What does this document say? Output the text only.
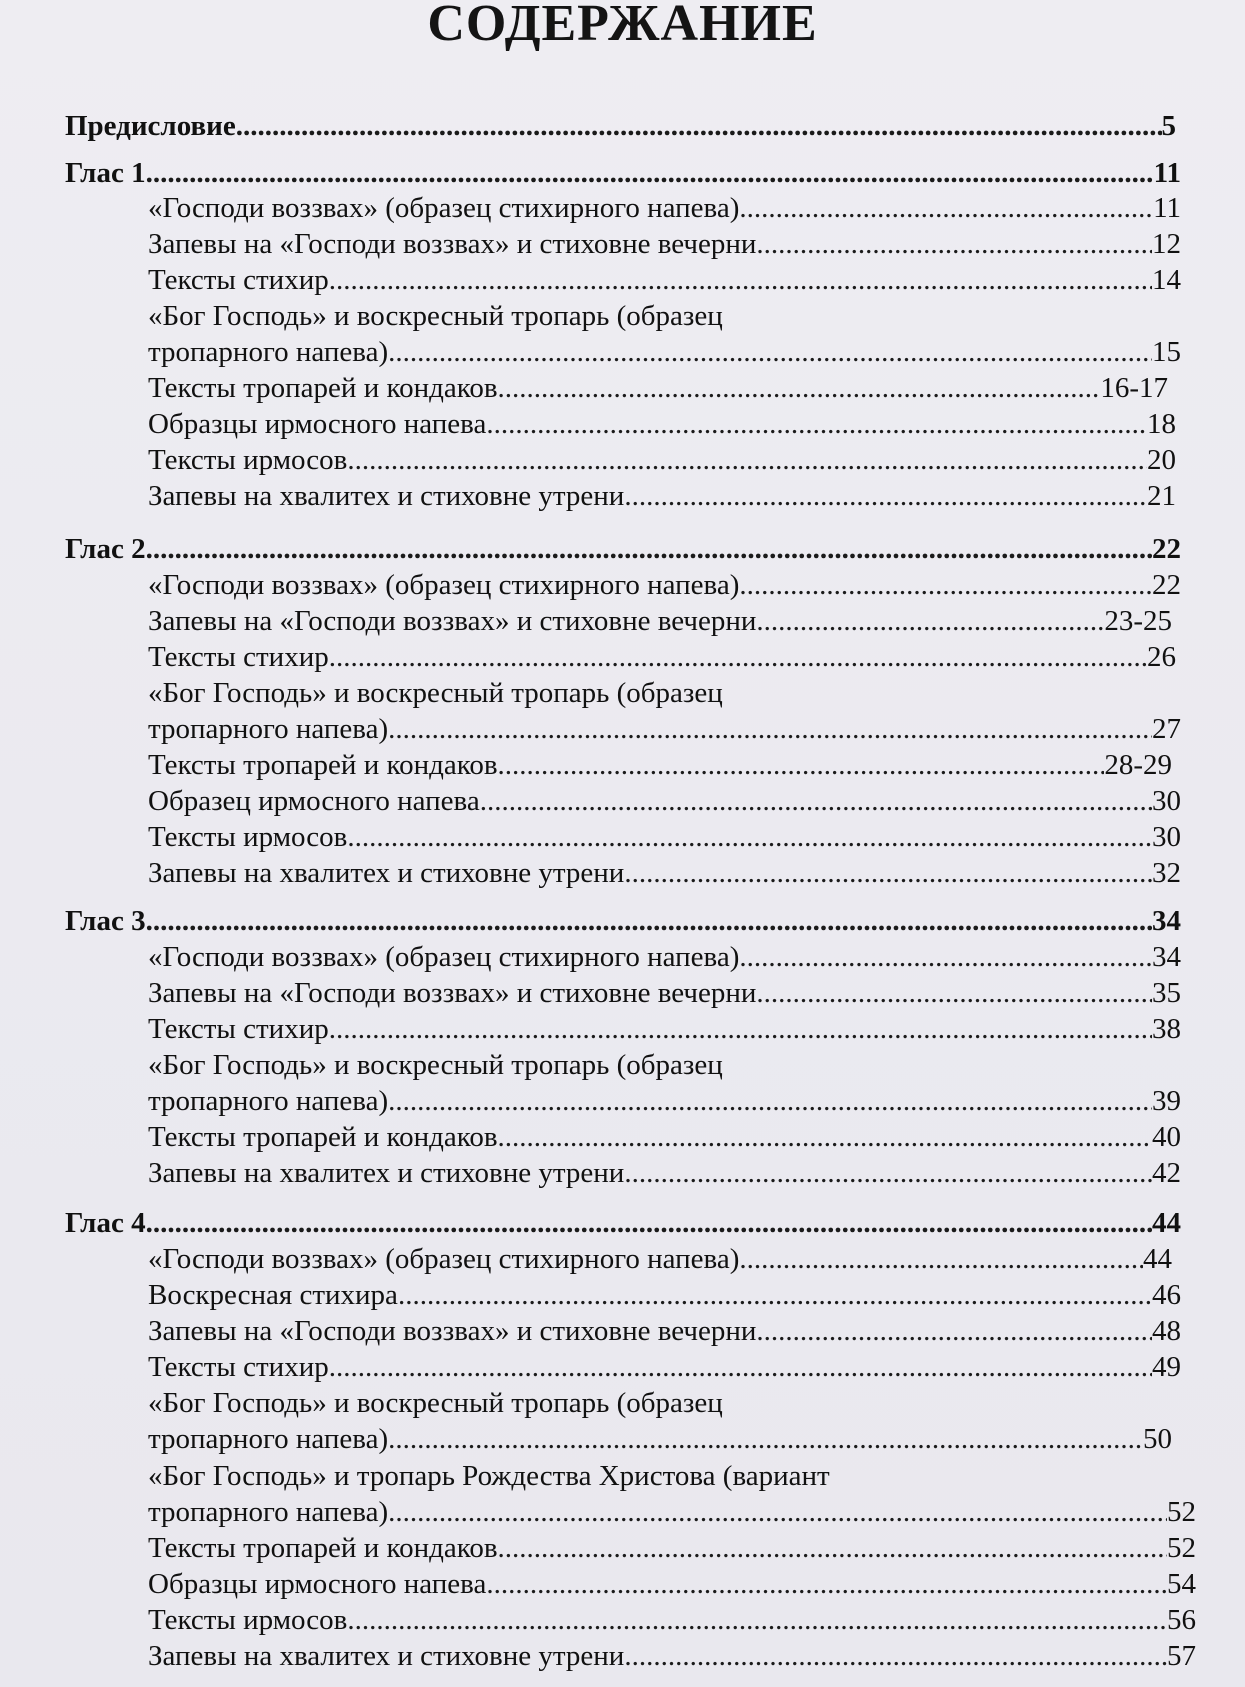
СОДЕРЖАНИЕ
Предисловие .....	5
Глас 1 .....	11
«Господи воззвах» (образец стихирного напева) .....	11
Запевы на «Господи воззвах» и стиховне вечерни .....	12
Тексты стихир .....	14
«Бог Господь» и воскресный тропарь (образец
тропарного напева) .....	15
Тексты тропарей и кондаков .....	16-17
Образцы ирмосного напева .....	18
Тексты ирмосов .....	20
Запевы на хвалитех и стиховне утрени .....	21
Глас 2 .....	22
«Господи воззвах» (образец стихирного напева) .....	22
Запевы на «Господи воззвах» и стиховне вечерни .....	23-25
Тексты стихир .....	26
«Бог Господь» и воскресный тропарь (образец
тропарного напева) .....	27
Тексты тропарей и кондаков .....	28-29
Образец ирмосного напева .....	30
Тексты ирмосов .....	30
Запевы на хвалитех и стиховне утрени .....	32
Глас 3 .....	34
«Господи воззвах» (образец стихирного напева) .....	34
Запевы на «Господи воззвах» и стиховне вечерни .....	35
Тексты стихир .....	38
«Бог Господь» и воскресный тропарь (образец
тропарного напева) .....	39
Тексты тропарей и кондаков .....	40
Запевы на хвалитех и стиховне утрени .....	42
Глас 4 .....	44
«Господи воззвах» (образец стихирного напева) .....	44
Воскресная стихира .....	46
Запевы на «Господи воззвах» и стиховне вечерни .....	48
Тексты стихир .....	49
«Бог Господь» и воскресный тропарь (образец
тропарного напева) .....	50
«Бог Господь» и тропарь Рождества Христова (вариант
тропарного напева) .....	52
Тексты тропарей и кондаков .....	52
Образцы ирмосного напева .....	54
Тексты ирмосов .....	56
Запевы на хвалитех и стиховне утрени .....	57
